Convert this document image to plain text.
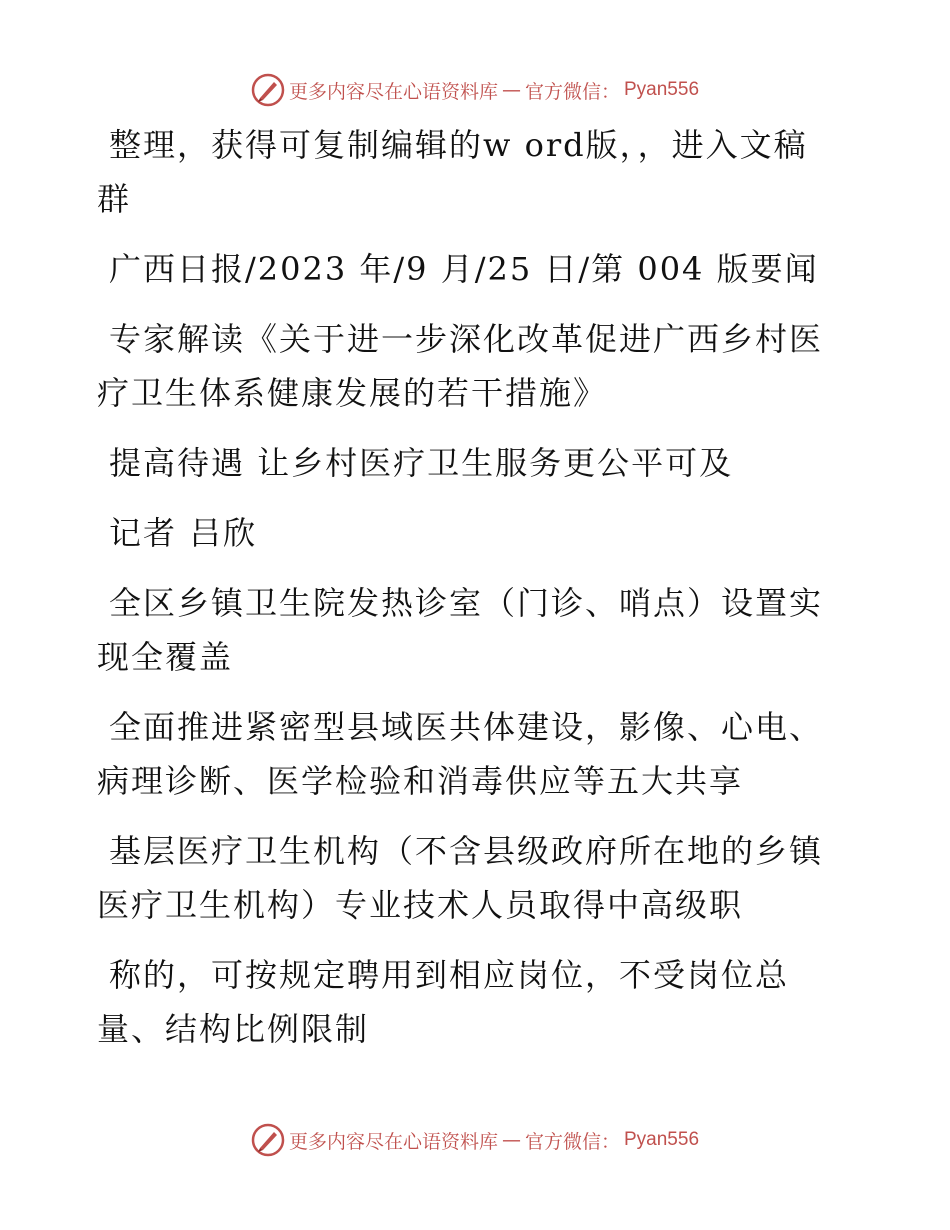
更多内容尽在心语资料库 — 官方微信： Pyan556

整理，获得可复制编辑的w ord版，，进入文稿群

广西日报/2023 年/9 月/25 日/第 004 版要闻

专家解读《关于进一步深化改革促进广西乡村医疗卫生体系健康发展的若干措施》

提高待遇 让乡村医疗卫生服务更公平可及

记者 吕欣

全区乡镇卫生院发热诊室（门诊、哨点）设置实现全覆盖

全面推进紧密型县域医共体建设，影像、心电、病理诊断、医学检验和消毒供应等五大共享

基层医疗卫生机构（不含县级政府所在地的乡镇医疗卫生机构）专业技术人员取得中高级职

称的，可按规定聘用到相应岗位，不受岗位总量、结构比例限制

更多内容尽在心语资料库 — 官方微信： Pyan556
